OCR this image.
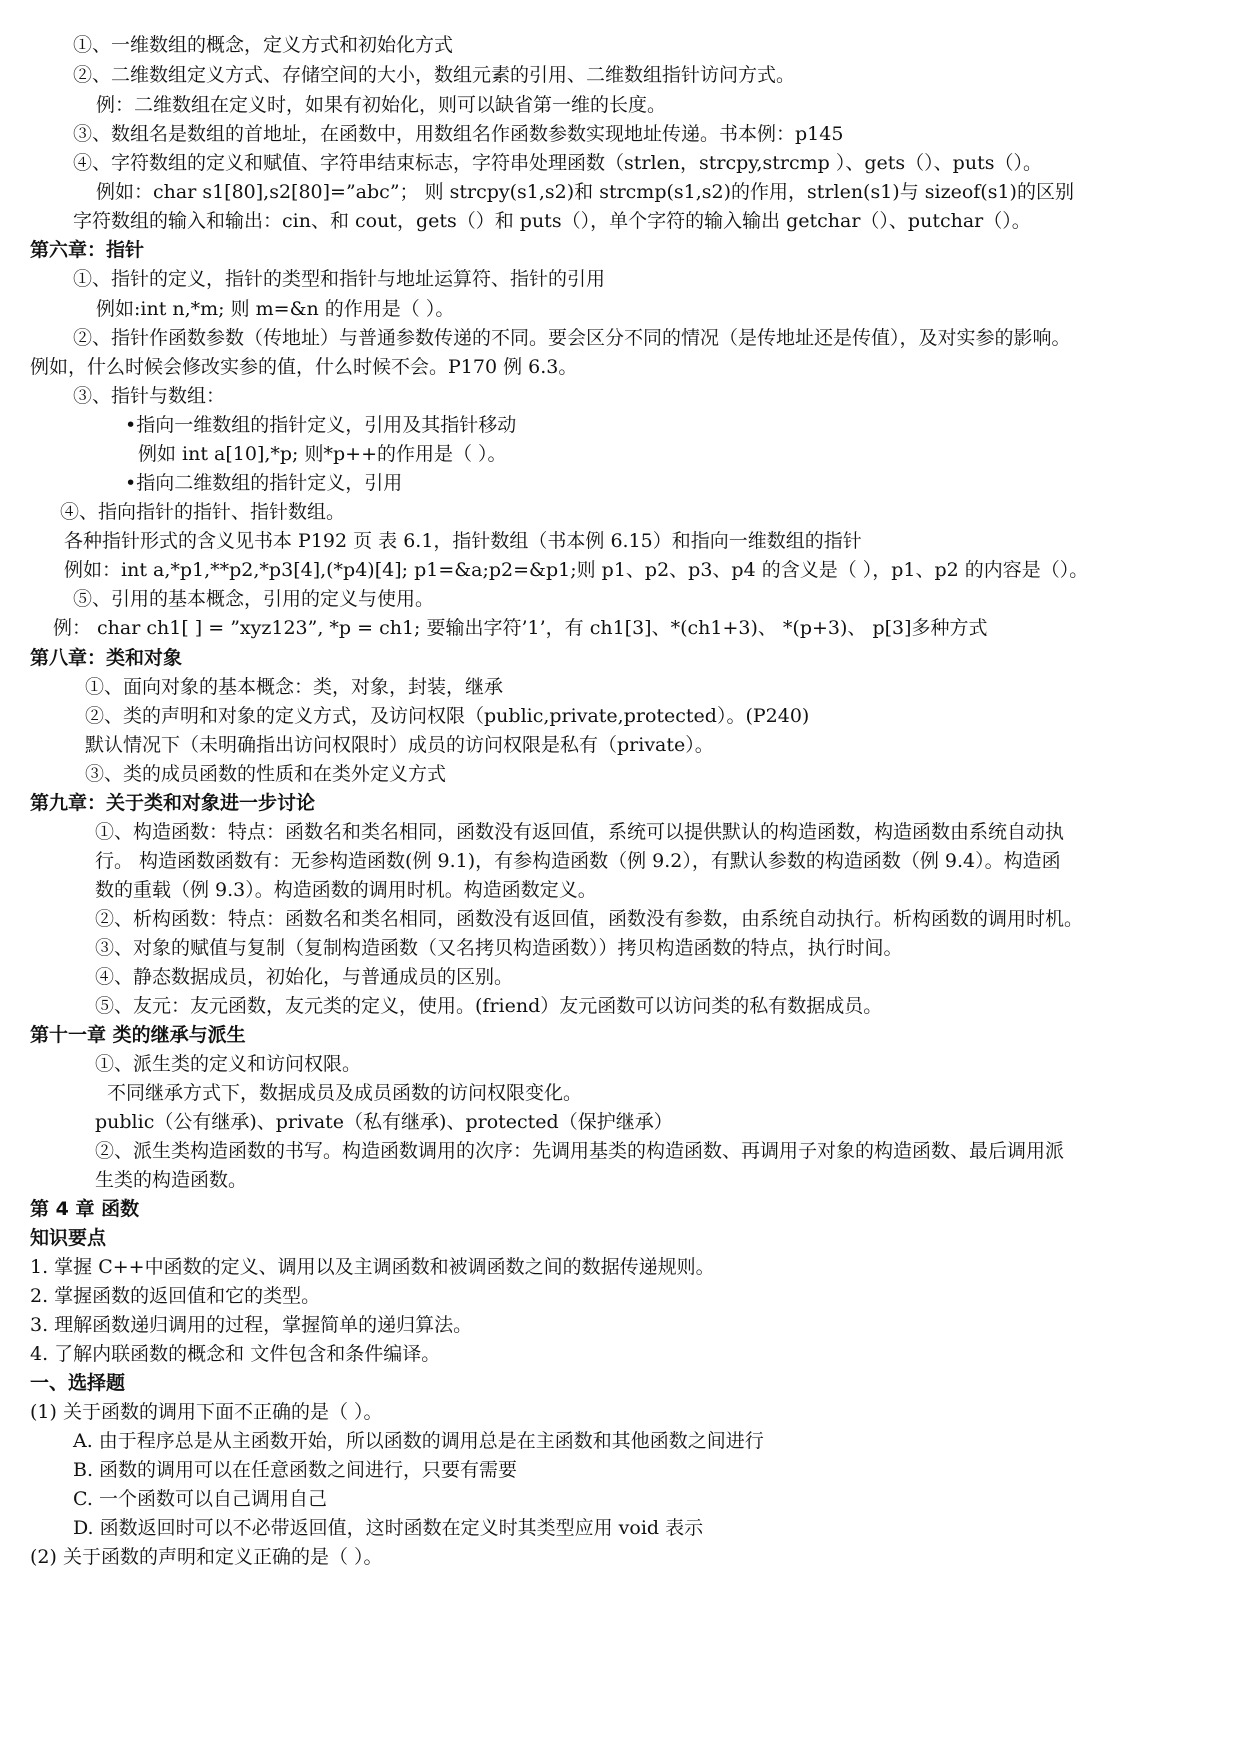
①、一维数组的概念，定义方式和初始化方式
②、二维数组定义方式、存储空间的大小，数组元素的引用、二维数组指针访问方式。
例：二维数组在定义时，如果有初始化，则可以缺省第一维的长度。
③、数组名是数组的首地址，在函数中，用数组名作函数参数实现地址传递。书本例：p145
④、字符数组的定义和赋值、字符串结束标志，字符串处理函数（strlen，strcpy,strcmp ）、gets（）、puts（）。
例如：char s1[80],s2[80]=”abc”； 则 strcpy(s1,s2)和 strcmp(s1,s2)的作用，strlen(s1)与 sizeof(s1)的区别
字符数组的输入和输出：cin、和 cout，gets（）和 puts（），单个字符的输入输出 getchar（）、putchar（）。
第六章：指针
①、指针的定义，指针的类型和指针与地址运算符、指针的引用
例如:int n,*m; 则 m=&n 的作用是（ ）。
②、指针作函数参数（传地址）与普通参数传递的不同。要会区分不同的情况（是传地址还是传值），及对实参的影响。
例如，什么时候会修改实参的值，什么时候不会。P170 例 6.3。
③、指针与数组：
•指向一维数组的指针定义，引用及其指针移动
例如 int a[10],*p; 则*p++的作用是（ ）。
•指向二维数组的指针定义，引用
④、指向指针的指针、指针数组。
各种指针形式的含义见书本 P192 页 表 6.1，指针数组（书本例 6.15）和指向一维数组的指针
例如：int a,*p1,**p2,*p3[4],(*p4)[4]; p1=&a;p2=&p1;则 p1、p2、p3、p4 的含义是（ ），p1、p2 的内容是（）。
⑤、引用的基本概念，引用的定义与使用。
例： char ch1[ ] = ”xyz123”, *p = ch1; 要输出字符’1’，有 ch1[3]、*(ch1+3)、 *(p+3)、 p[3]多种方式
第八章：类和对象
①、面向对象的基本概念：类，对象，封装，继承
②、类的声明和对象的定义方式，及访问权限（public,private,protected）。(P240)
默认情况下（未明确指出访问权限时）成员的访问权限是私有（private）。
③、类的成员函数的性质和在类外定义方式
第九章：关于类和对象进一步讨论
①、构造函数：特点：函数名和类名相同，函数没有返回值，系统可以提供默认的构造函数，构造函数由系统自动执
行。 构造函数函数有：无参构造函数(例 9.1)，有参构造函数（例 9.2），有默认参数的构造函数（例 9.4）。构造函
数的重载（例 9.3）。构造函数的调用时机。构造函数定义。
②、析构函数：特点：函数名和类名相同，函数没有返回值，函数没有参数，由系统自动执行。析构函数的调用时机。
③、对象的赋值与复制（复制构造函数（又名拷贝构造函数））拷贝构造函数的特点，执行时间。
④、静态数据成员，初始化，与普通成员的区别。
⑤、友元：友元函数，友元类的定义，使用。(friend）友元函数可以访问类的私有数据成员。
第十一章 类的继承与派生
①、派生类的定义和访问权限。
不同继承方式下，数据成员及成员函数的访问权限变化。
public（公有继承)、private（私有继承)、protected（保护继承）
②、派生类构造函数的书写。构造函数调用的次序：先调用基类的构造函数、再调用子对象的构造函数、最后调用派
生类的构造函数。
第 4 章 函数
知识要点
1. 掌握 C++中函数的定义、调用以及主调函数和被调函数之间的数据传递规则。
2. 掌握函数的返回值和它的类型。
3. 理解函数递归调用的过程，掌握简单的递归算法。
4. 了解内联函数的概念和 文件包含和条件编译。
一、选择题
(1) 关于函数的调用下面不正确的是（ ）。
A. 由于程序总是从主函数开始，所以函数的调用总是在主函数和其他函数之间进行
B. 函数的调用可以在任意函数之间进行，只要有需要
C. 一个函数可以自己调用自己
D. 函数返回时可以不必带返回值，这时函数在定义时其类型应用 void 表示
(2) 关于函数的声明和定义正确的是（ ）。
